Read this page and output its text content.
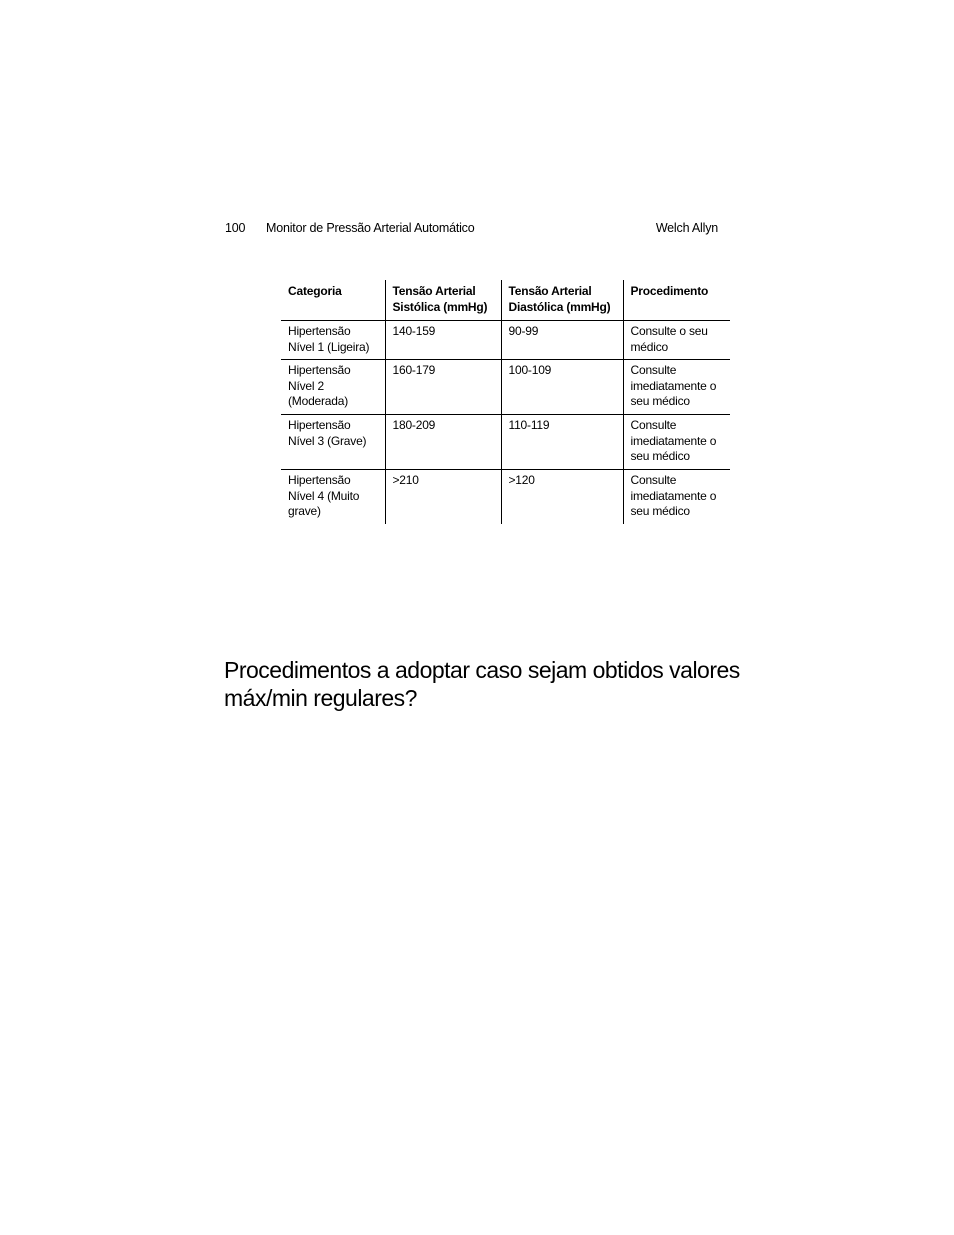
100 Monitor de Pressão Arterial Automático	Welch Allyn
Categoria	Tensão Arterial Sistólica (mmHg)	Tensão Arterial Diastólica (mmHg)	Procedimento
Hipertensão Nível 1 (Ligeira)	140-159	90-99	Consulte o seu médico
Hipertensão Nível 2 (Moderada)	160-179	100-109	Consulte imediatamente o seu médico
Hipertensão Nível 3 (Grave)	180-209	110-119	Consulte imediatamente o seu médico
Hipertensão Nível 4 (Muito grave)	>210	>120	Consulte imediatamente o seu médico
Procedimentos a adoptar caso sejam obtidos valores máx/min regulares?
